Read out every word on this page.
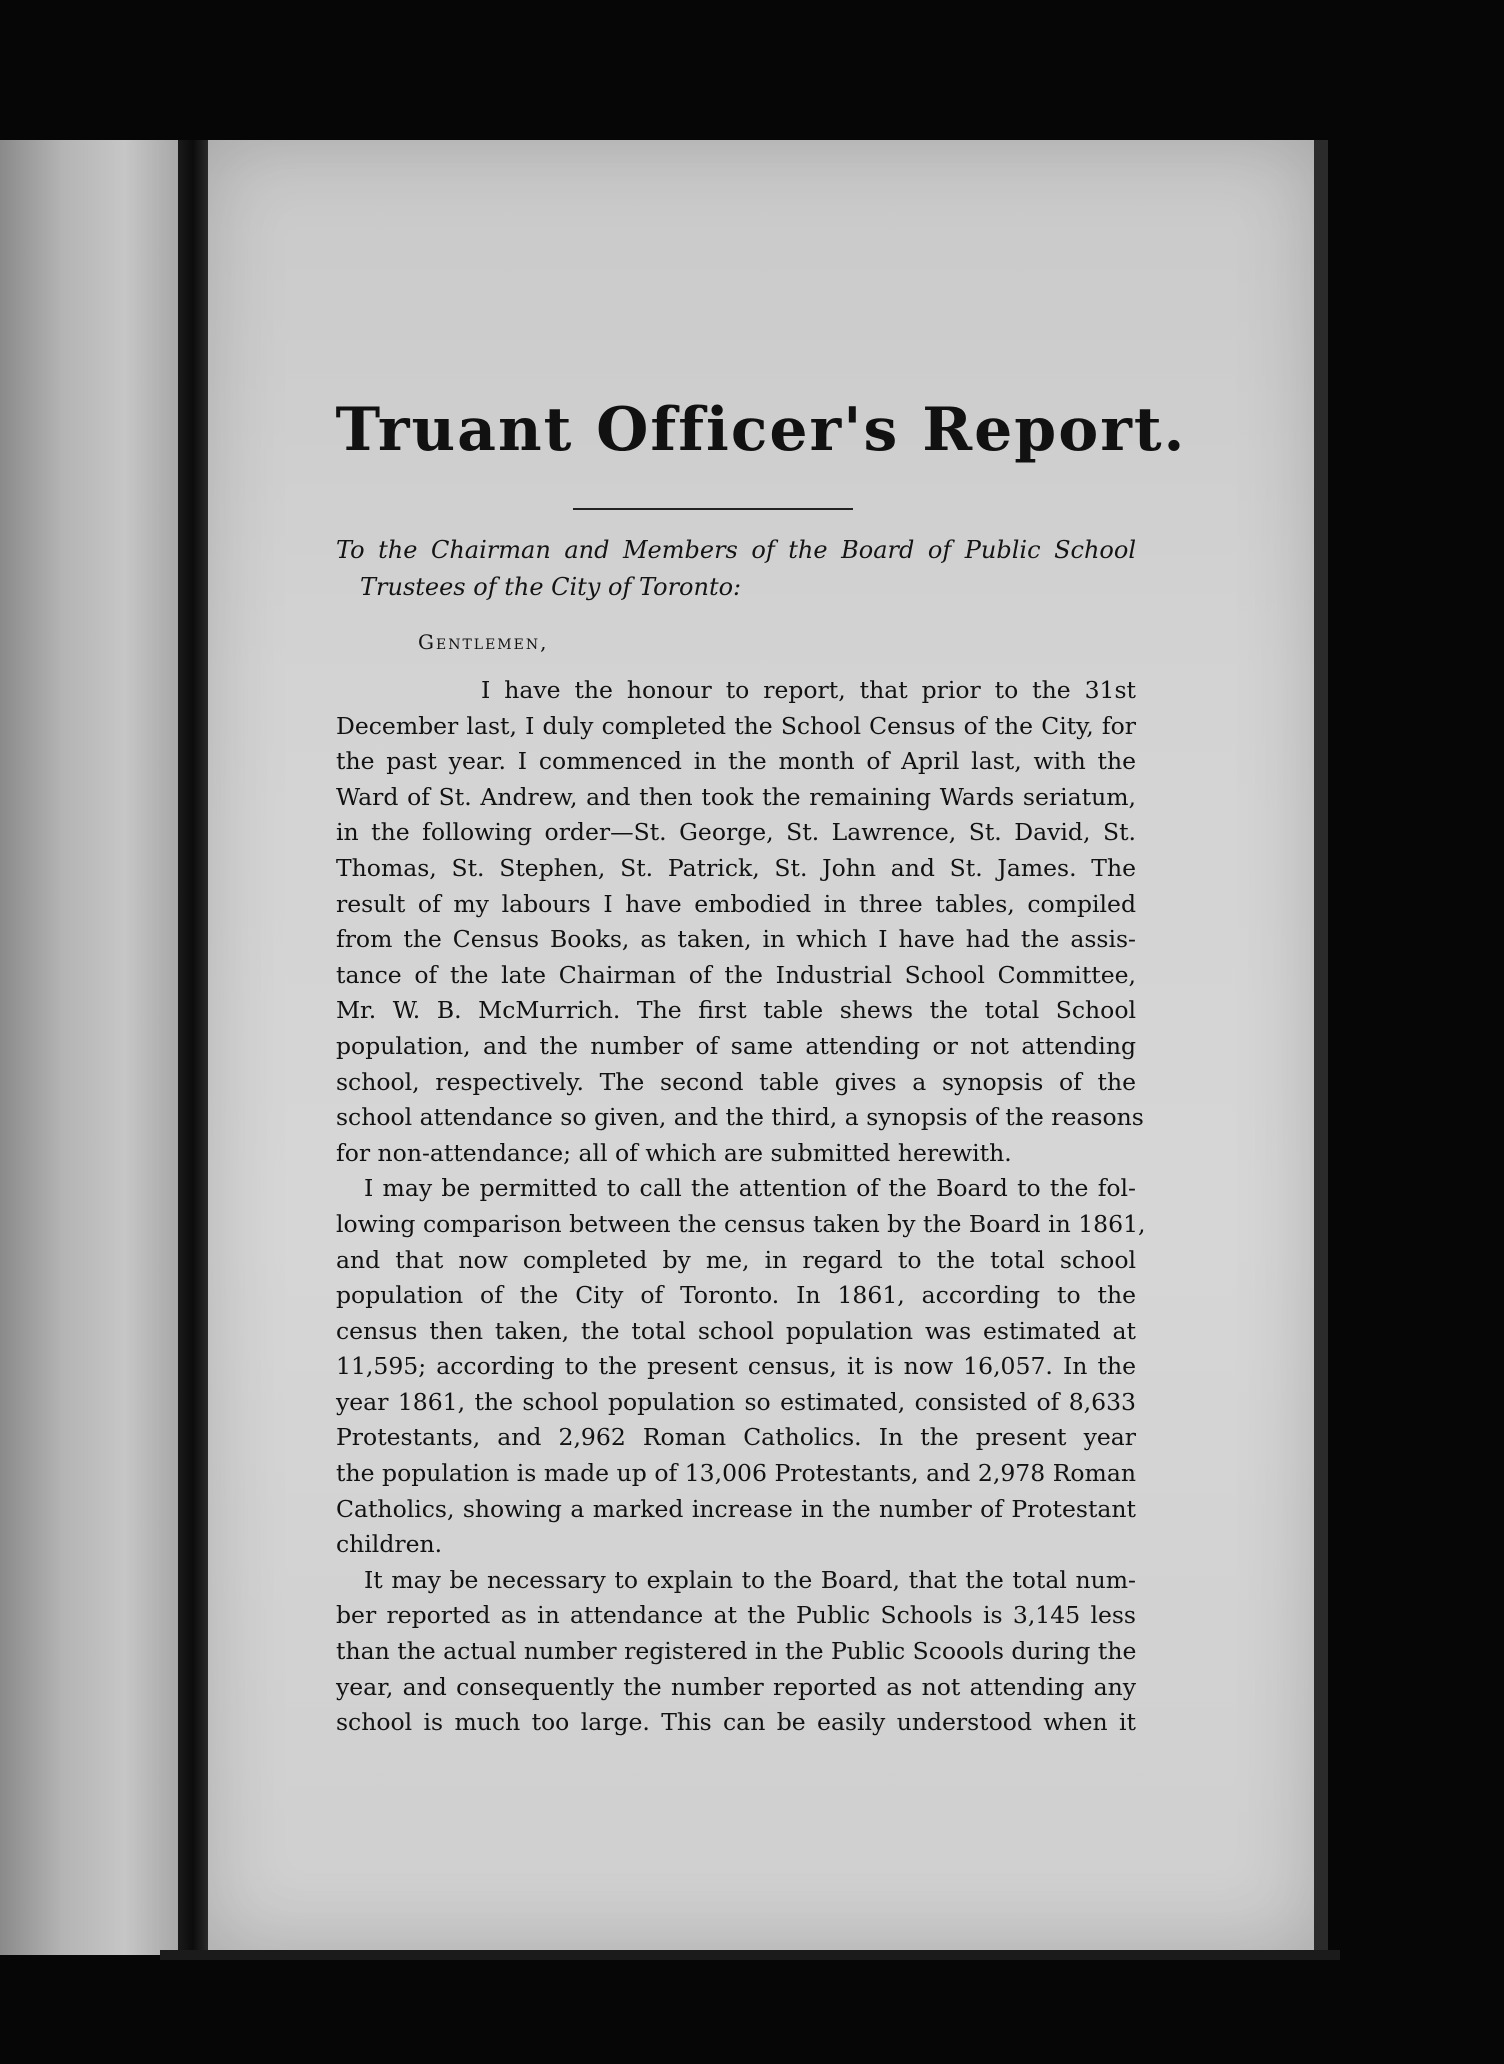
Truant Officer's Report.
To the Chairman and Members of the Board of Public School
Trustees of the City of Toronto:
Gentlemen,
I have the honour to report, that prior to the 31st
December last, I duly completed the School Census of the City, for
the past year. I commenced in the month of April last, with the
Ward of St. Andrew, and then took the remaining Wards seriatum,
in the following order—St. George, St. Lawrence, St. David, St.
Thomas, St. Stephen, St. Patrick, St. John and St. James. The
result of my labours I have embodied in three tables, compiled
from the Census Books, as taken, in which I have had the assis-
tance of the late Chairman of the Industrial School Committee,
Mr. W. B. McMurrich. The first table shews the total School
population, and the number of same attending or not attending
school, respectively. The second table gives a synopsis of the
school attendance so given, and the third, a synopsis of the reasons
for non-attendance; all of which are submitted herewith.
I may be permitted to call the attention of the Board to the fol-
lowing comparison between the census taken by the Board in 1861,
and that now completed by me, in regard to the total school
population of the City of Toronto. In 1861, according to the
census then taken, the total school population was estimated at
11,595; according to the present census, it is now 16,057. In the
year 1861, the school population so estimated, consisted of 8,633
Protestants, and 2,962 Roman Catholics. In the present year
the population is made up of 13,006 Protestants, and 2,978 Roman
Catholics, showing a marked increase in the number of Protestant
children.
It may be necessary to explain to the Board, that the total num-
ber reported as in attendance at the Public Schools is 3,145 less
than the actual number registered in the Public Scoools during the
year, and consequently the number reported as not attending any
school is much too large. This can be easily understood when it
